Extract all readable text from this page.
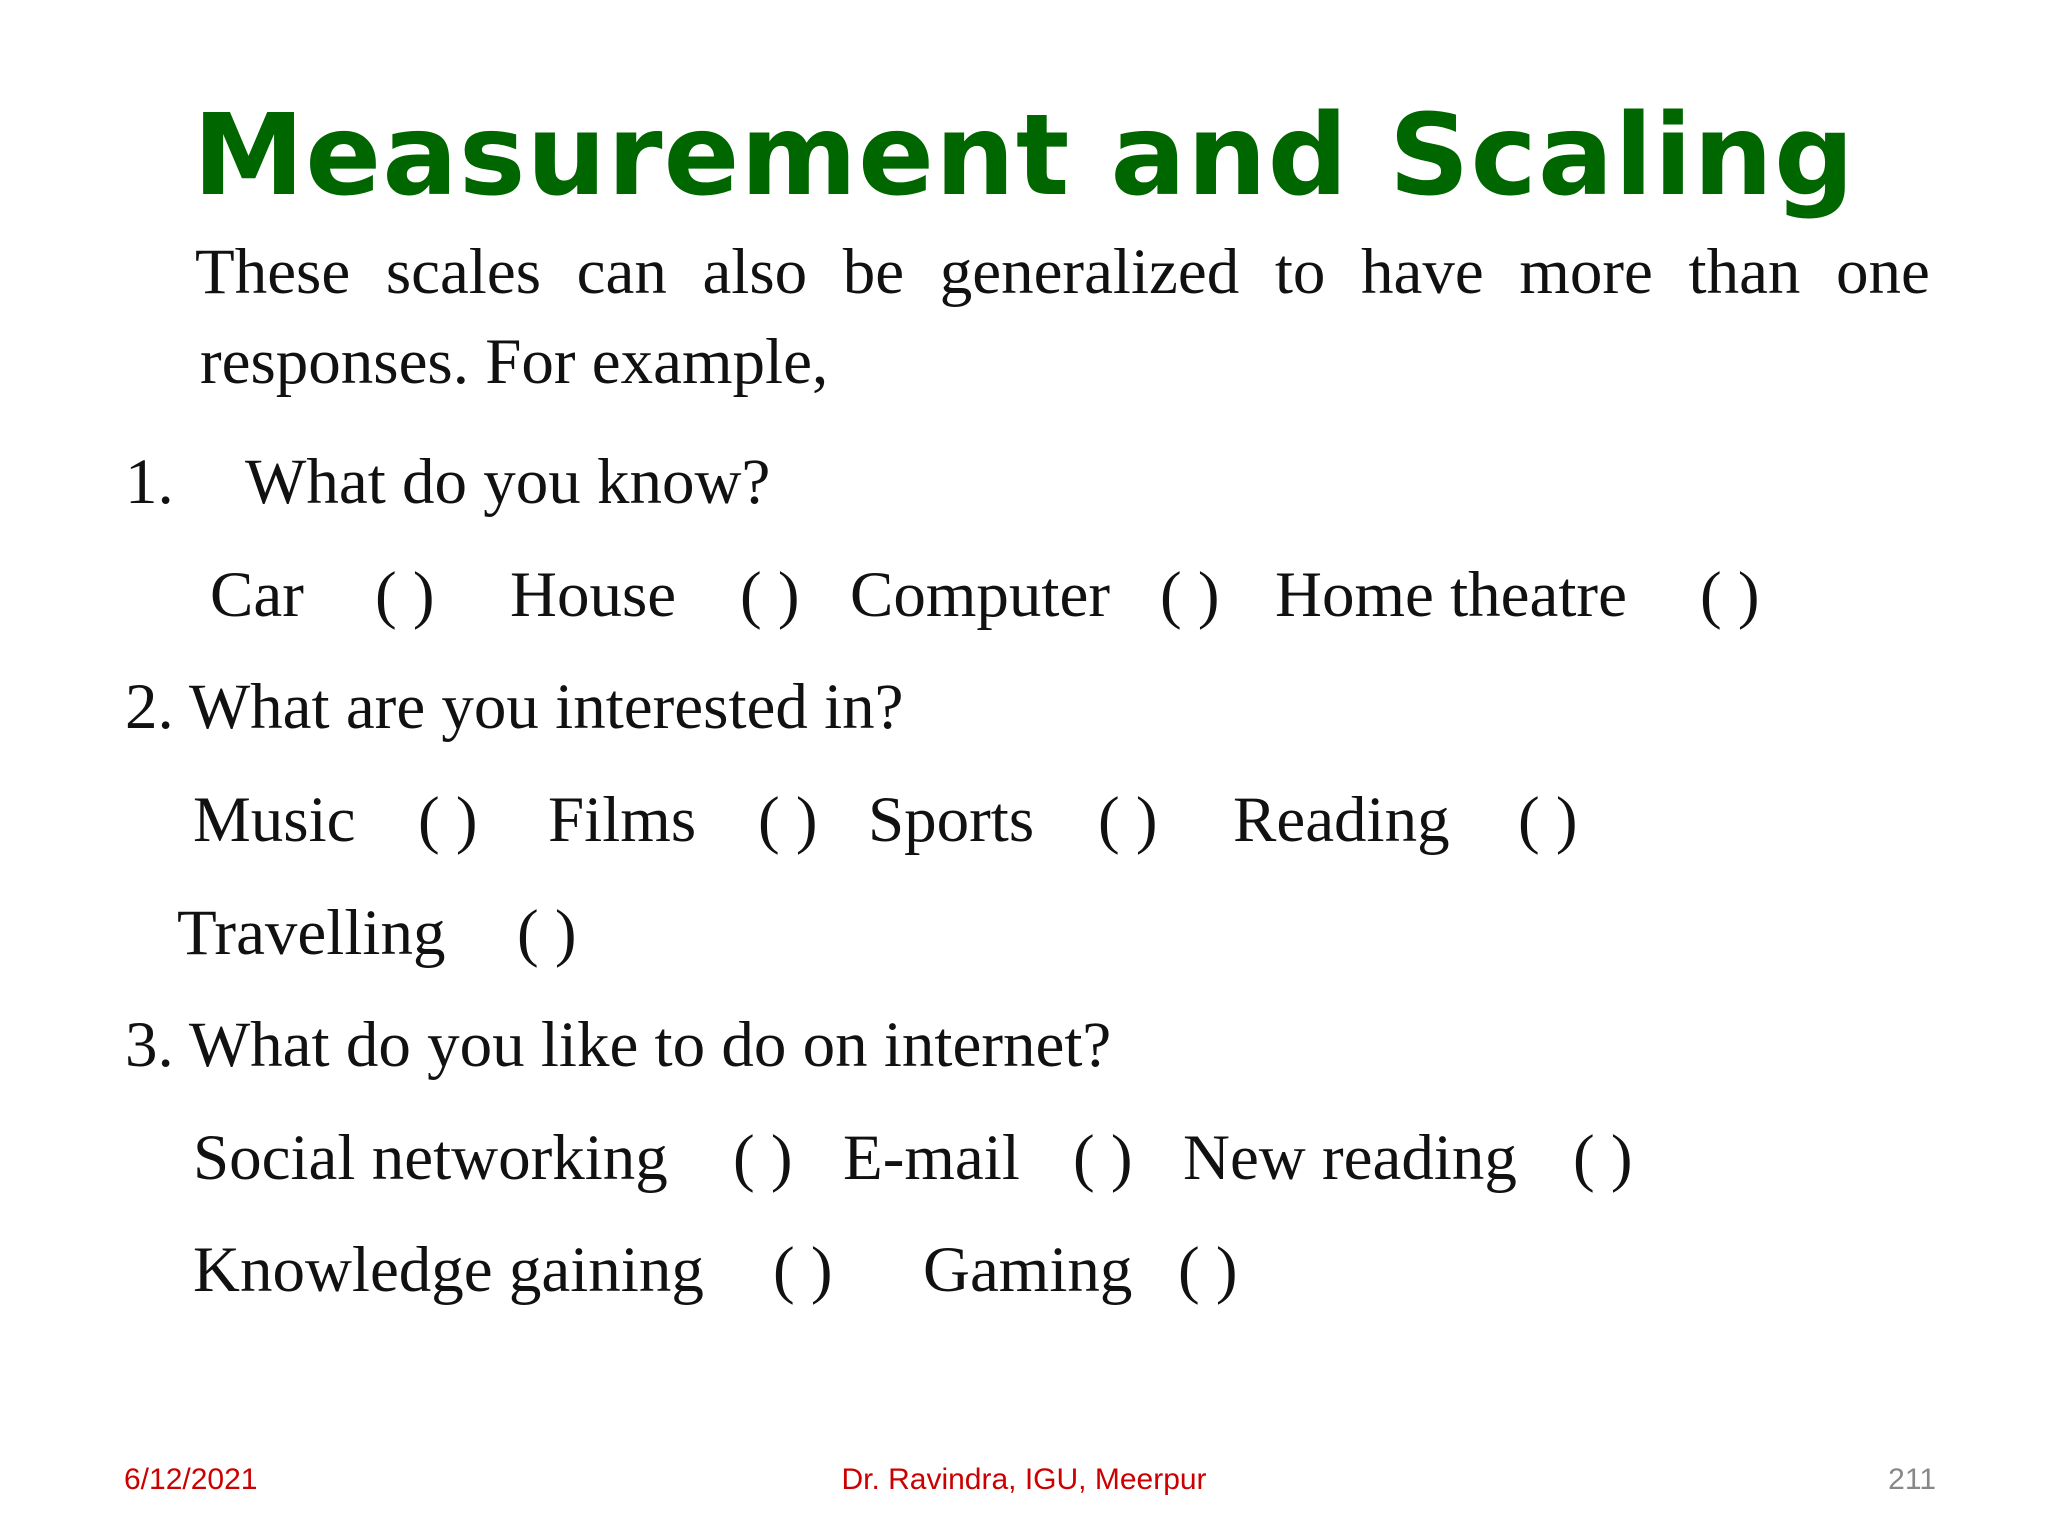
Measurement and Scaling
These scales can also be generalized to have more than one
responses. For example,
1. What do you know?
Car ( ) House ( ) Computer ( ) Home theatre ( )
2. What are you interested in?
Music ( ) Films ( ) Sports ( ) Reading ( )
Travelling ( )
3. What do you like to do on internet?
Social networking ( ) E-mail ( ) New reading ( )
Knowledge gaining ( ) Gaming ( )
Dr. Ravindra, IGU, Meerpur
6/12/2021	211
